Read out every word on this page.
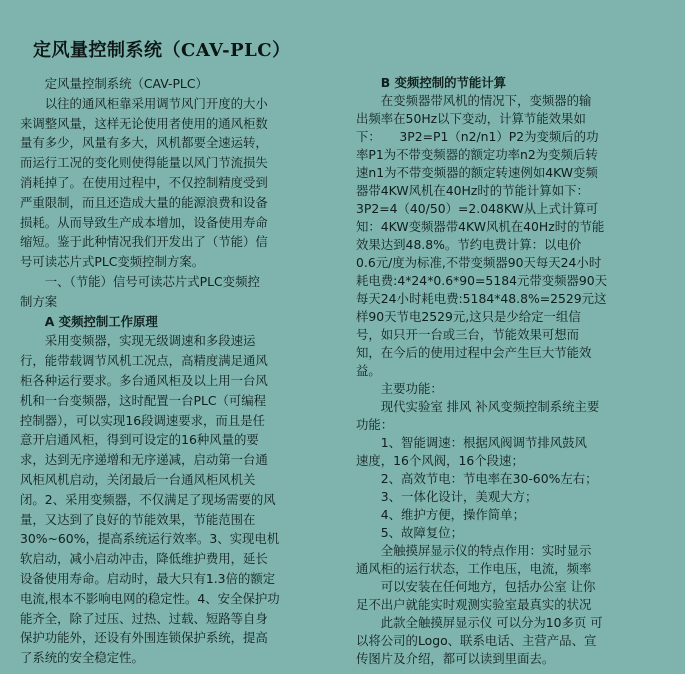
定风量控制系统（CAV-PLC）
　　定风量控制系统（CAV-PLC）
　　以往的通风柜靠采用调节风门开度的大小
来调整风量，这样无论使用者使用的通风柜数
量有多少，风量有多大，风机都要全速运转，
而运行工况的变化则使得能量以风门节流损失
消耗掉了。在使用过程中，不仅控制精度受到
严重限制，而且还造成大量的能源浪费和设备
损耗。从而导致生产成本增加，设备使用寿命
缩短。鉴于此种情况我们开发出了（节能）信
号可读芯片式PLC变频控制方案。
　　一、（节能）信号可读芯片式PLC变频控
制方案
　　A 变频控制工作原理
　　采用变频器，实现无级调速和多段速运
行，能带载调节风机工况点，高精度满足通风
柜各种运行要求。多台通风柜及以上用一台风
机和一台变频器，这时配置一台PLC（可编程
控制器），可以实现16段调速要求，而且是任
意开启通风柜，得到可设定的16种风量的要
求，达到无序递增和无序递减，启动第一台通
风柜风机启动，关闭最后一台通风柜风机关
闭。2、采用变频器，不仅满足了现场需要的风
量，又达到了良好的节能效果，节能范围在
30%~60%，提高系统运行效率。3、实现电机
软启动，减小启动冲击，降低维护费用，延长
设备使用寿命。启动时，最大只有1.3倍的额定
电流,根本不影响电网的稳定性。4、安全保护功
能齐全，除了过压、过热、过载、短路等自身
保护功能外，还设有外围连锁保护系统，提高
了系统的安全稳定性。
　　B 变频控制的节能计算
　　在变频器带风机的情况下，变频器的输
出频率在50Hz以下变动，计算节能效果如
下：　　3P2=P1（n2/n1）P2为变频后的功
率P1为不带变频器的额定功率n2为变频后转
速n1为不带变频器的额定转速例如4KW变频
器带4KW风机在40Hz时的节能计算如下：
3P2=4（40/50）=2.048KW从上式计算可
知：4KW变频器带4KW风机在40Hz时的节能
效果达到48.8%。节约电费计算：以电价
0.6元/度为标准,不带变频器90天每天24小时
耗电费:4*24*0.6*90=5184元带变频器90天
每天24小时耗电费:5184*48.8%=2529元这
样90天节电2529元,这只是少给定一组信
号，如只开一台或三台，节能效果可想而
知，在今后的使用过程中会产生巨大节能效
益。
　　主要功能：
　　现代实验室 排风 补风变频控制系统主要
功能：
　　1、智能调速：根据风阀调节排风鼓风
速度，16个风阀，16个段速；
　　2、高效节电：节电率在30-60%左右；
　　3、一体化设计，美观大方；
　　4、维护方便，操作简单；
　　5、故障复位；
　　全触摸屏显示仪的特点作用：实时显示
通风柜的运行状态，工作电压，电流，频率
　　可以安装在任何地方，包括办公室 让你
足不出户就能实时观测实验室最真实的状况
　　此款全触摸屏显示仪 可以分为10多页 可
以将公司的Logo、联系电话、主营产品、宣
传图片及介绍，都可以读到里面去。
